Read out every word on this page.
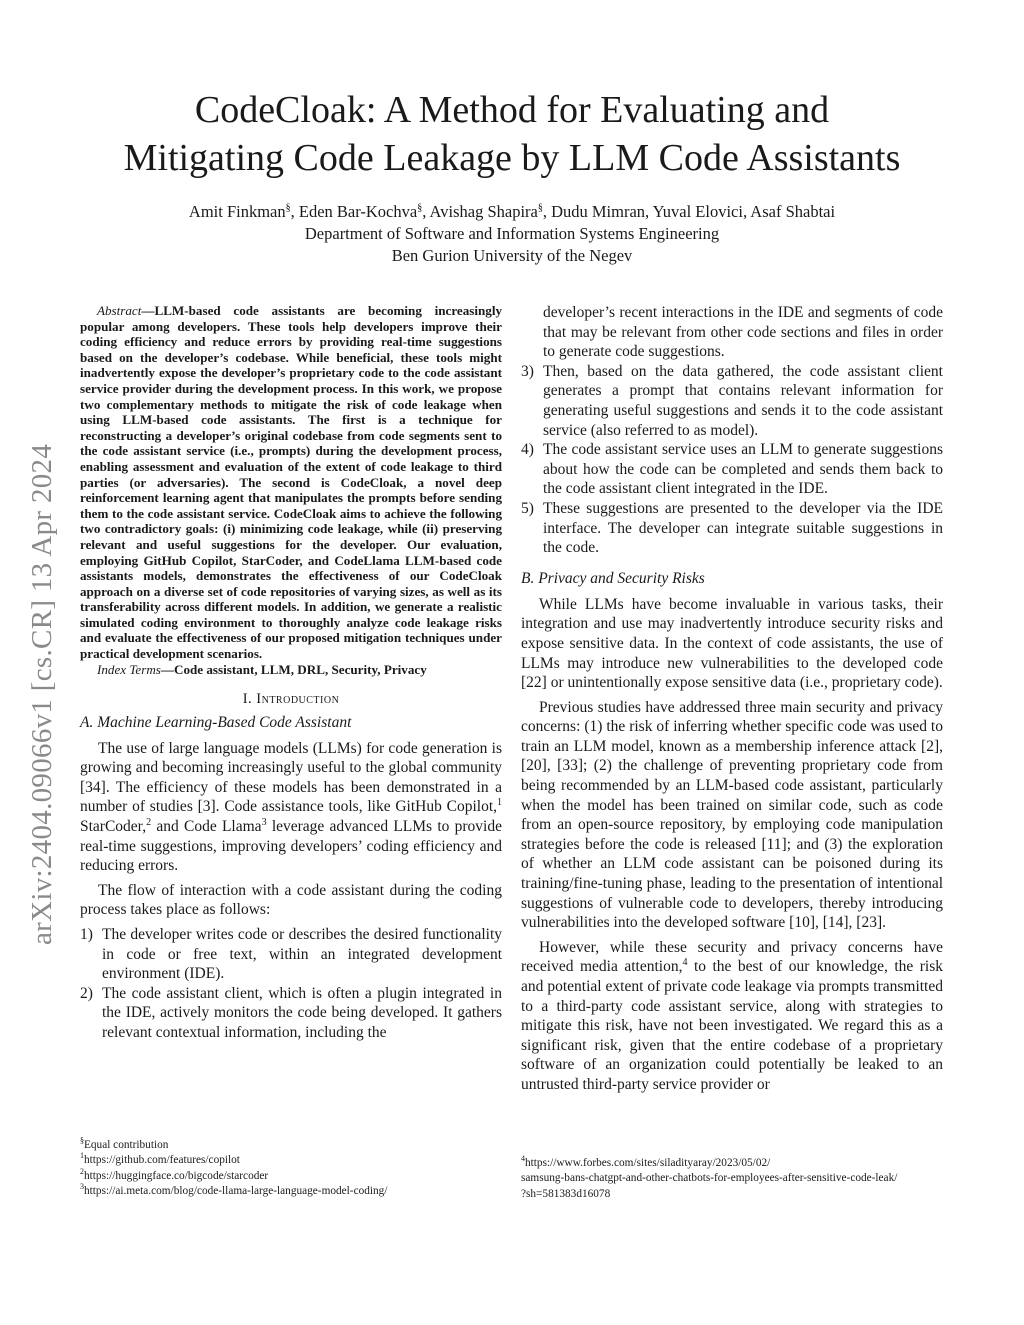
arXiv:2404.09066v1 [cs.CR] 13 Apr 2024
CodeCloak: A Method for Evaluating and
Mitigating Code Leakage by LLM Code Assistants
Amit Finkman§, Eden Bar-Kochva§, Avishag Shapira§, Dudu Mimran, Yuval Elovici, Asaf Shabtai
Department of Software and Information Systems Engineering
Ben Gurion University of the Negev

Abstract—LLM-based code assistants are becoming increasingly popular among developers. These tools help developers improve their coding efficiency and reduce errors by providing real-time suggestions based on the developer’s codebase. While beneficial, these tools might inadvertently expose the developer’s proprietary code to the code assistant service provider during the development process. In this work, we propose two complementary methods to mitigate the risk of code leakage when using LLM-based code assistants. The first is a technique for reconstructing a developer’s original codebase from code segments sent to the code assistant service (i.e., prompts) during the development process, enabling assessment and evaluation of the extent of code leakage to third parties (or adversaries). The second is CodeCloak, a novel deep reinforcement learning agent that manipulates the prompts before sending them to the code assistant service. CodeCloak aims to achieve the following two contradictory goals: (i) minimizing code leakage, while (ii) preserving relevant and useful suggestions for the developer. Our evaluation, employing GitHub Copilot, StarCoder, and CodeLlama LLM-based code assistants models, demonstrates the effectiveness of our CodeCloak approach on a diverse set of code repositories of varying sizes, as well as its transferability across different models. In addition, we generate a realistic simulated coding environment to thoroughly analyze code leakage risks and evaluate the effectiveness of our proposed mitigation techniques under practical development scenarios.

Index Terms—Code assistant, LLM, DRL, Security, Privacy

I. Introduction
A. Machine Learning-Based Code Assistant

The use of large language models (LLMs) for code generation is growing and becoming increasingly useful to the global community [34]. The efficiency of these models has been demonstrated in a number of studies [3]. Code assistance tools, like GitHub Copilot,$^1$ StarCoder,$^2$ and Code Llama$^3$ leverage advanced LLMs to provide real-time suggestions, improving developers’ coding efficiency and reducing errors.

The flow of interaction with a code assistant during the coding process takes place as follows:

1) The developer writes code or describes the desired functionality in code or free text, within an integrated development environment (IDE).
2) The code assistant client, which is often a plugin integrated in the IDE, actively monitors the code being developed. It gathers relevant contextual information, including the
§Equal contribution
$^1$https://github.com/features/copilot
$^2$https://huggingface.co/bigcode/starcoder
$^3$https://ai.meta.com/blog/code-llama-large-language-model-coding/
developer’s recent interactions in the IDE and segments of code that may be relevant from other code sections and files in order to generate code suggestions.
3) Then, based on the data gathered, the code assistant client generates a prompt that contains relevant information for generating useful suggestions and sends it to the code assistant service (also referred to as model).
4) The code assistant service uses an LLM to generate suggestions about how the code can be completed and sends them back to the code assistant client integrated in the IDE.
5) These suggestions are presented to the developer via the IDE interface. The developer can integrate suitable suggestions in the code.
B. Privacy and Security Risks

While LLMs have become invaluable in various tasks, their integration and use may inadvertently introduce security risks and expose sensitive data. In the context of code assistants, the use of LLMs may introduce new vulnerabilities to the developed code [22] or unintentionally expose sensitive data (i.e., proprietary code).

Previous studies have addressed three main security and privacy concerns: (1) the risk of inferring whether specific code was used to train an LLM model, known as a membership inference attack [2], [20], [33]; (2) the challenge of preventing proprietary code from being recommended by an LLM-based code assistant, particularly when the model has been trained on similar code, such as code from an open-source repository, by employing code manipulation strategies before the code is released [11]; and (3) the exploration of whether an LLM code assistant can be poisoned during its training/fine-tuning phase, leading to the presentation of intentional suggestions of vulnerable code to developers, thereby introducing vulnerabilities into the developed software [10], [14], [23].

However, while these security and privacy concerns have received media attention,$^4$ to the best of our knowledge, the risk and potential extent of private code leakage via prompts transmitted to a third-party code assistant service, along with strategies to mitigate this risk, have not been investigated. We regard this as a significant risk, given that the entire codebase of a proprietary software of an organization could potentially be leaked to an untrusted third-party service provider or

$^4$https://www.forbes.com/sites/siladityaray/2023/05/02/
samsung-bans-chatgpt-and-other-chatbots-for-employees-after-sensitive-code-leak/
?sh=581383d16078
